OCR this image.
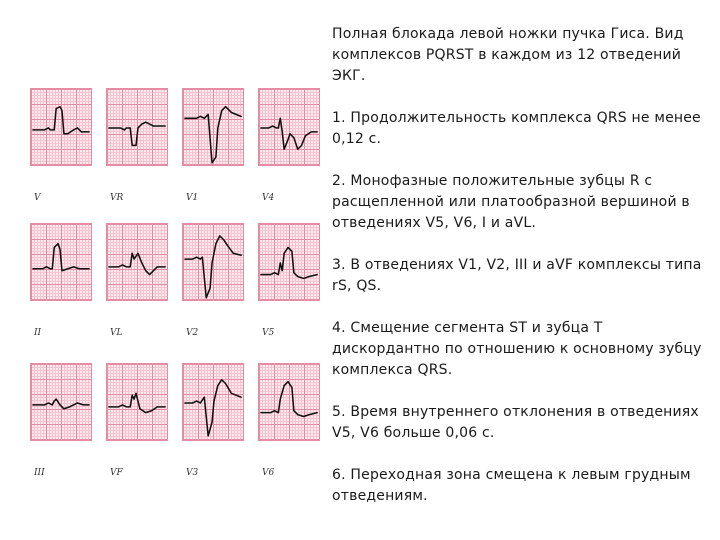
V	VR	V1	V4
II	VL	V2	V5
III	VF	V3	V6

Полная блокада левой ножки пучка Гиса. Вид комплексов PQRST в каждом из 12 отведений ЭКГ.

1. Продолжительность комплекса QRS не менее 0,12 с.

2. Монофазные положительные зубцы R с расщепленной или платообразной вершиной в отведениях V5, V6, I и aVL.

3. В отведениях V1, V2, III и aVF комплексы типа rS, QS.

4. Смещение сегмента ST и зубца T дискордантно по отношению к основному зубцу комплекса QRS.

5. Время внутреннего отклонения в отведениях V5, V6 больше 0,06 с.

6. Переходная зона смещена к левым грудным отведениям.
